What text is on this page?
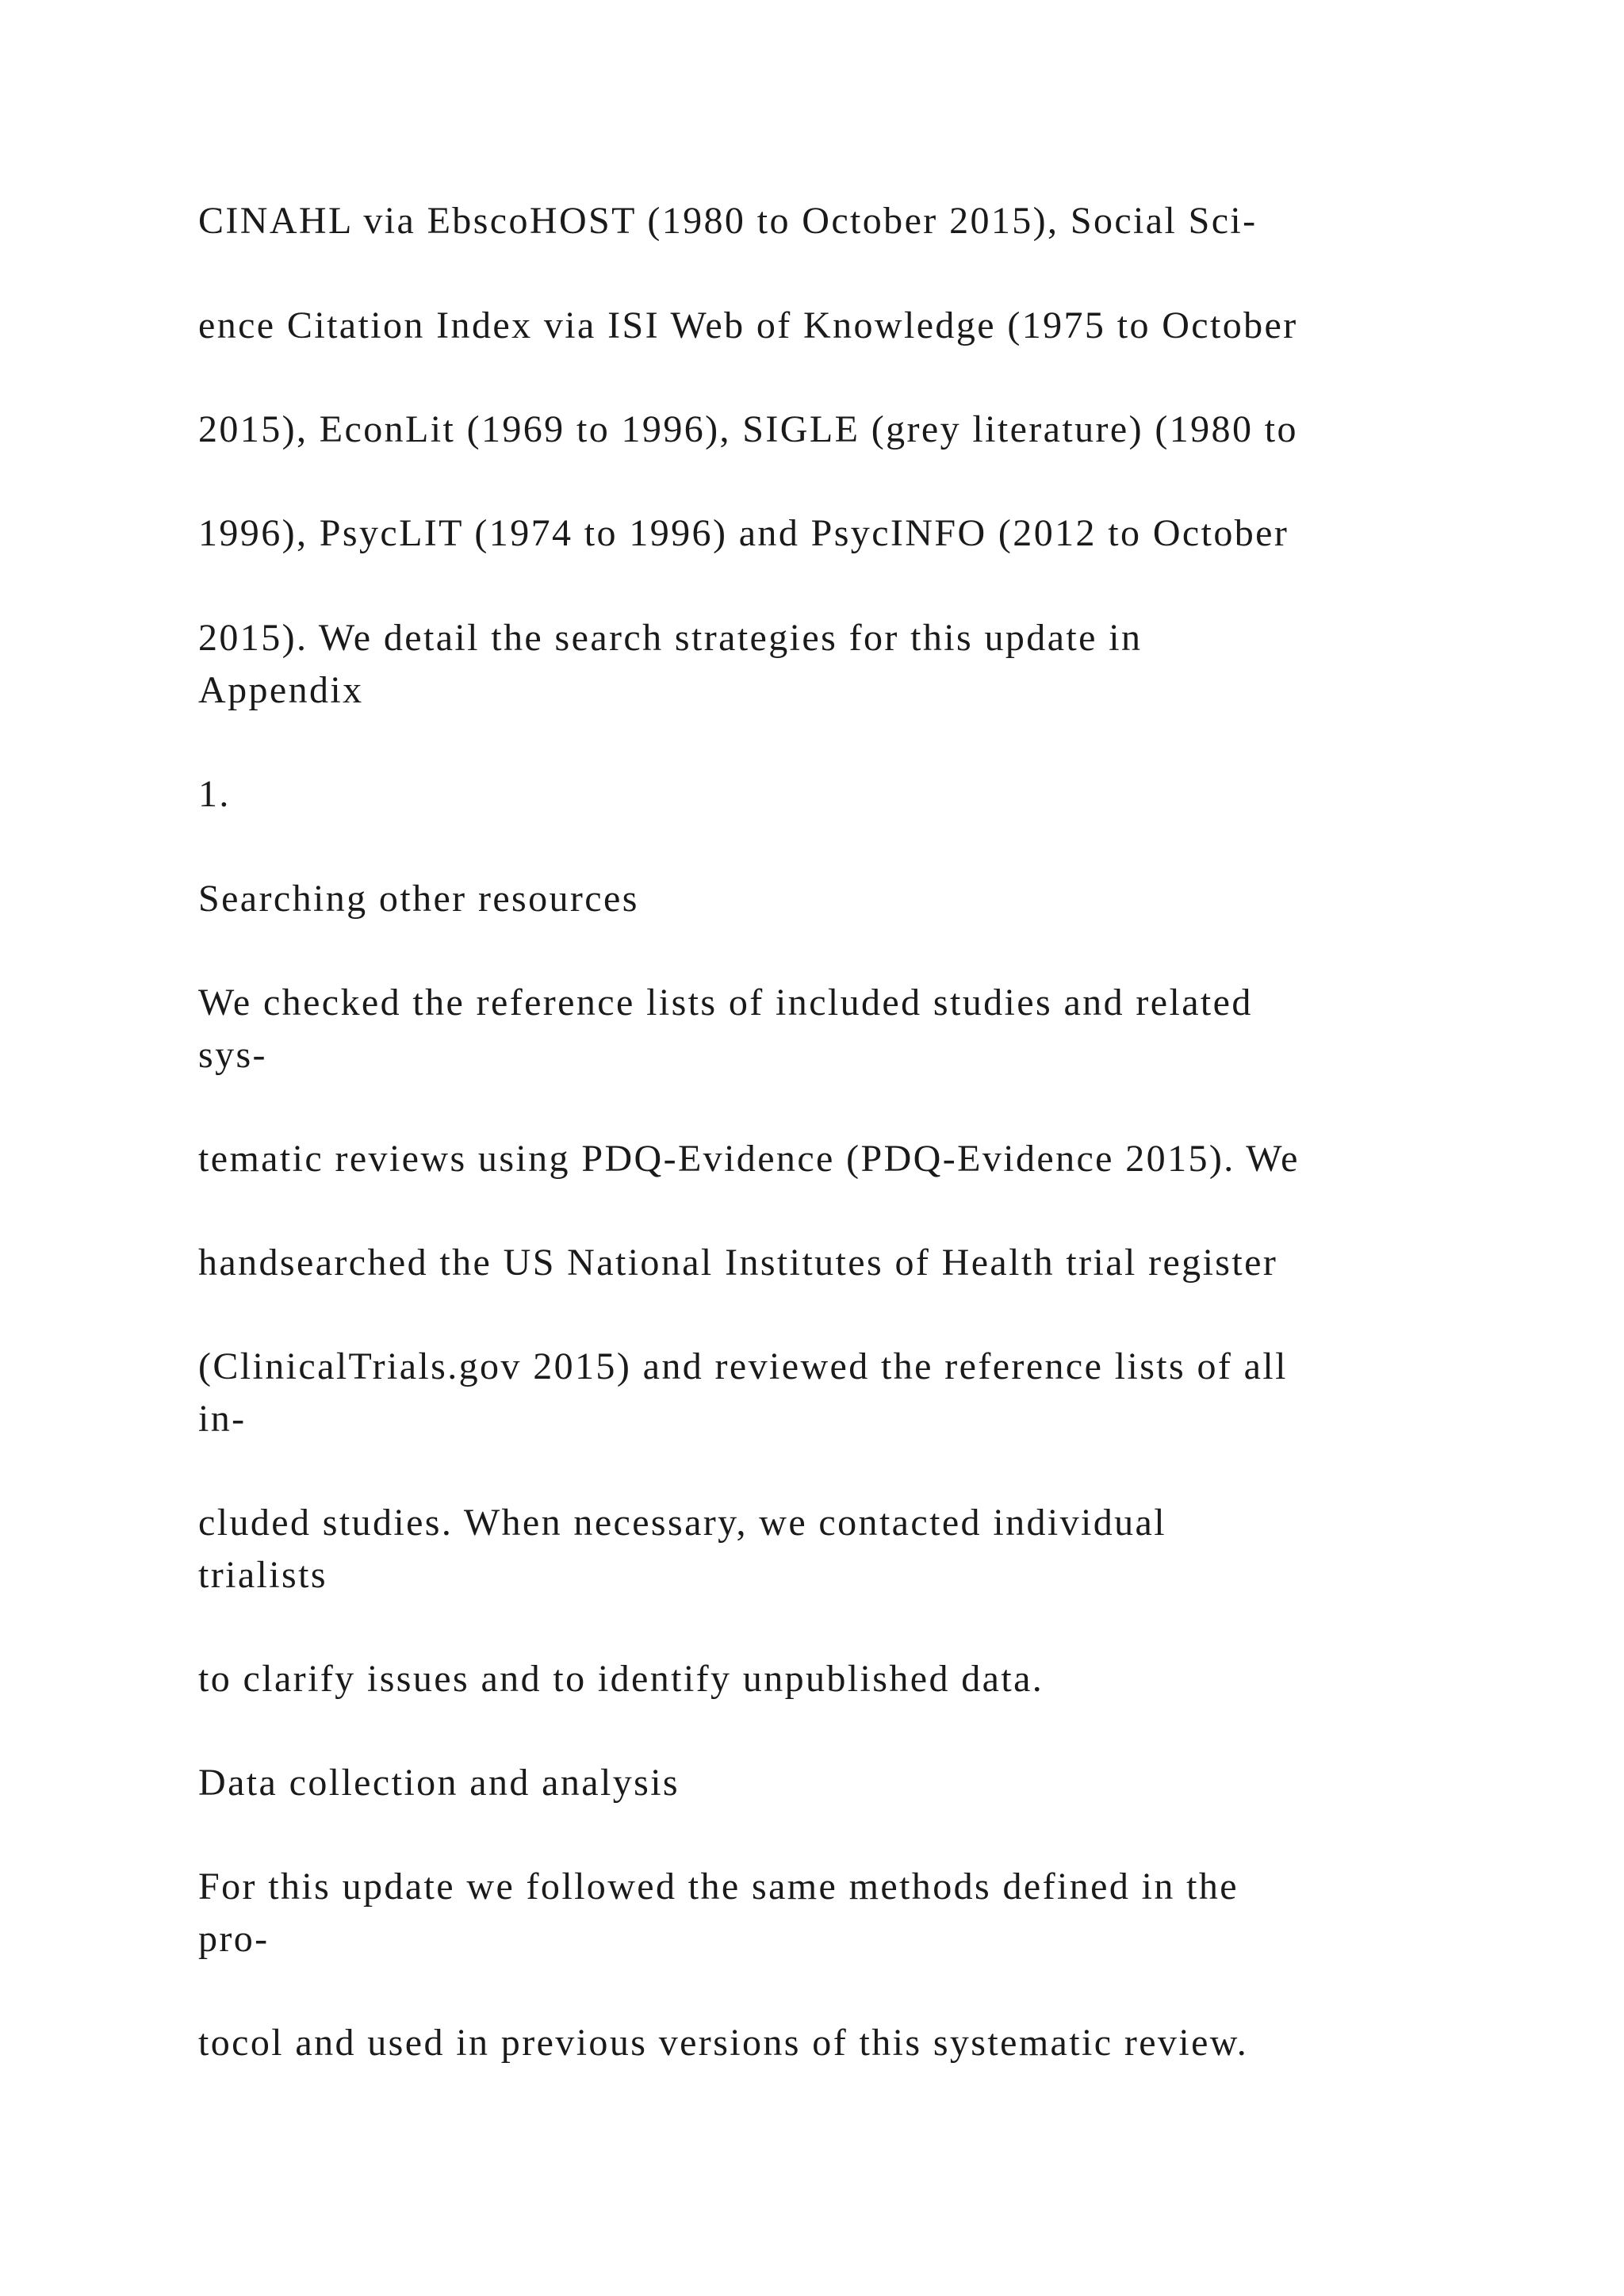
CINAHL via EbscoHOST (1980 to October 2015), Social Sci-

ence Citation Index via ISI Web of Knowledge (1975 to October

2015), EconLit (1969 to 1996), SIGLE (grey literature) (1980 to

1996), PsycLIT (1974 to 1996) and PsycINFO (2012 to October

2015). We detail the search strategies for this update in

Appendix

1.

Searching other resources

We checked the reference lists of included studies and related

sys-

tematic reviews using PDQ-Evidence (PDQ-Evidence 2015). We

handsearched the US National Institutes of Health trial register

(ClinicalTrials.gov 2015) and reviewed the reference lists of all

in-

cluded studies. When necessary, we contacted individual

trialists

to clarify issues and to identify unpublished data.

Data collection and analysis

For this update we followed the same methods defined in the

pro-

tocol and used in previous versions of this systematic review.
